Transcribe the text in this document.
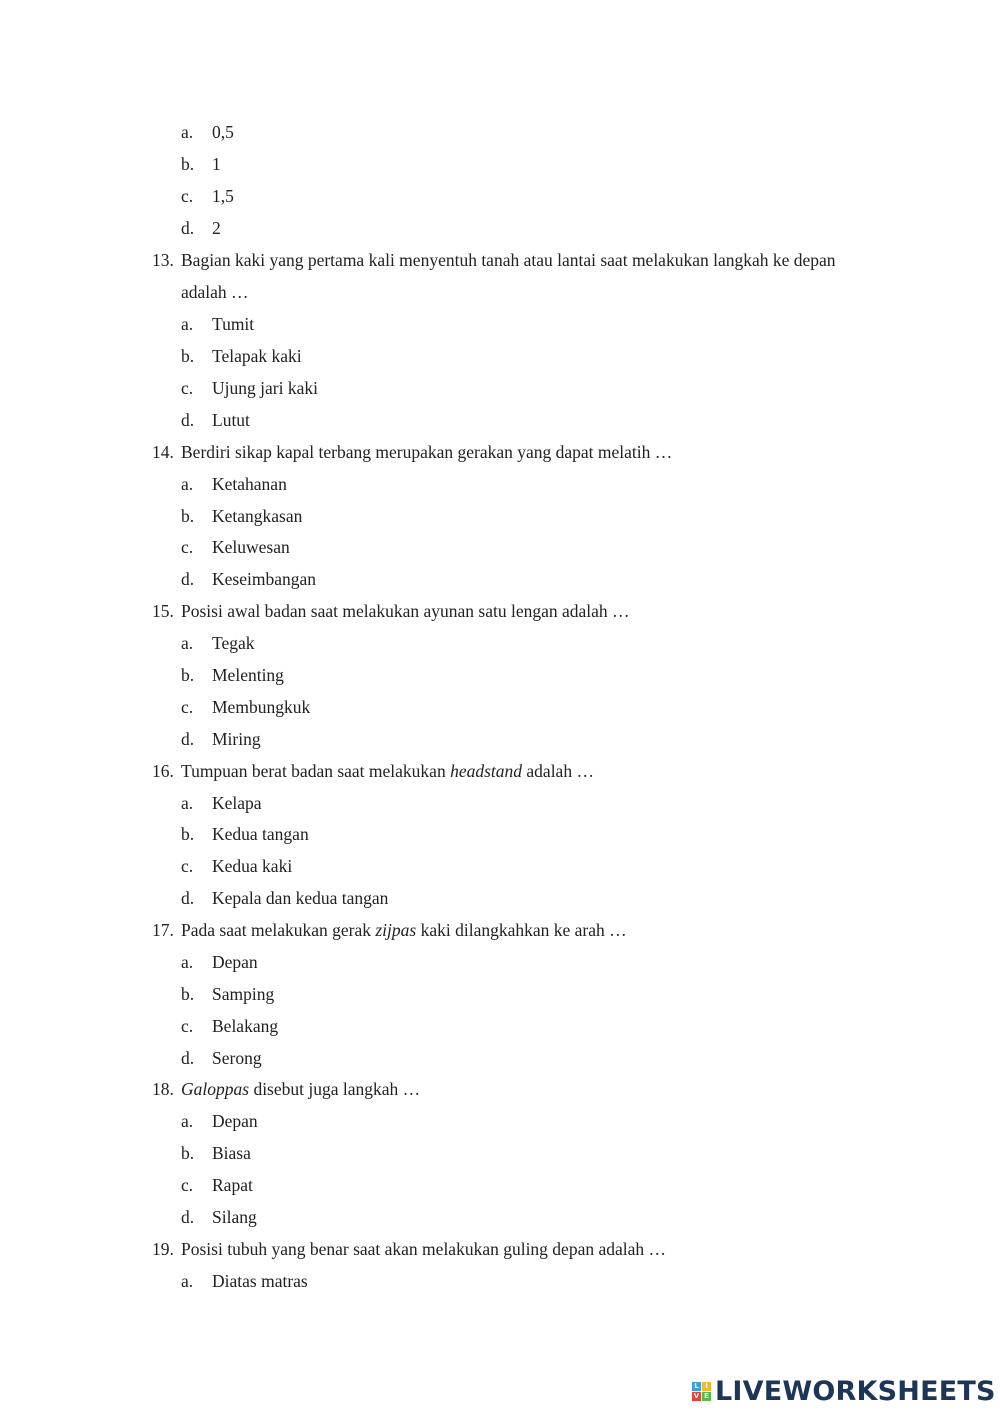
a. 0,5
b. 1
c. 1,5
d. 2
13. Bagian kaki yang pertama kali menyentuh tanah atau lantai saat melakukan langkah ke depan
adalah …
a. Tumit
b. Telapak kaki
c. Ujung jari kaki
d. Lutut
14. Berdiri sikap kapal terbang merupakan gerakan yang dapat melatih …
a. Ketahanan
b. Ketangkasan
c. Keluwesan
d. Keseimbangan
15. Posisi awal badan saat melakukan ayunan satu lengan adalah …
a. Tegak
b. Melenting
c. Membungkuk
d. Miring
16. Tumpuan berat badan saat melakukan headstand adalah …
a. Kelapa
b. Kedua tangan
c. Kedua kaki
d. Kepala dan kedua tangan
17. Pada saat melakukan gerak zijpas kaki dilangkahkan ke arah …
a. Depan
b. Samping
c. Belakang
d. Serong
18. Galoppas disebut juga langkah …
a. Depan
b. Biasa
c. Rapat
d. Silang
19. Posisi tubuh yang benar saat akan melakukan guling depan adalah …
a. Diatas matras
L I
V E LIVEWORKSHEETS
